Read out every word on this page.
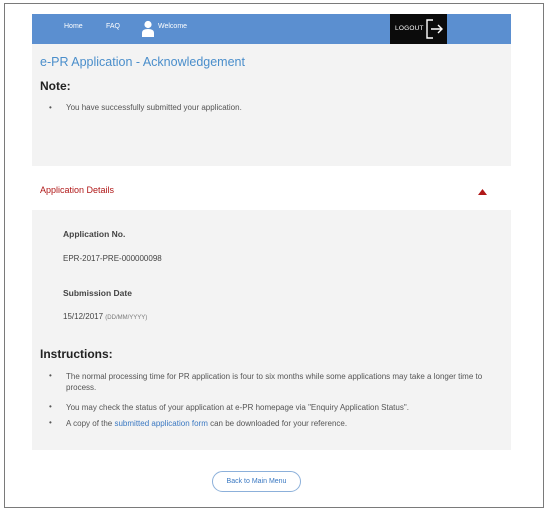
Home	FAQ	Welcome	LOGOUT
e-PR Application - Acknowledgement
Note:
• You have successfully submitted your application.
Application Details
Application No.
EPR-2017-PRE-000000098
Submission Date
15/12/2017 (DD/MM/YYYY)
Instructions:
• The normal processing time for PR application is four to six months while some applications may take a longer time to process.
• You may check the status of your application at e-PR homepage via "Enquiry Application Status".
• A copy of the submitted application form can be downloaded for your reference.
Back to Main Menu
